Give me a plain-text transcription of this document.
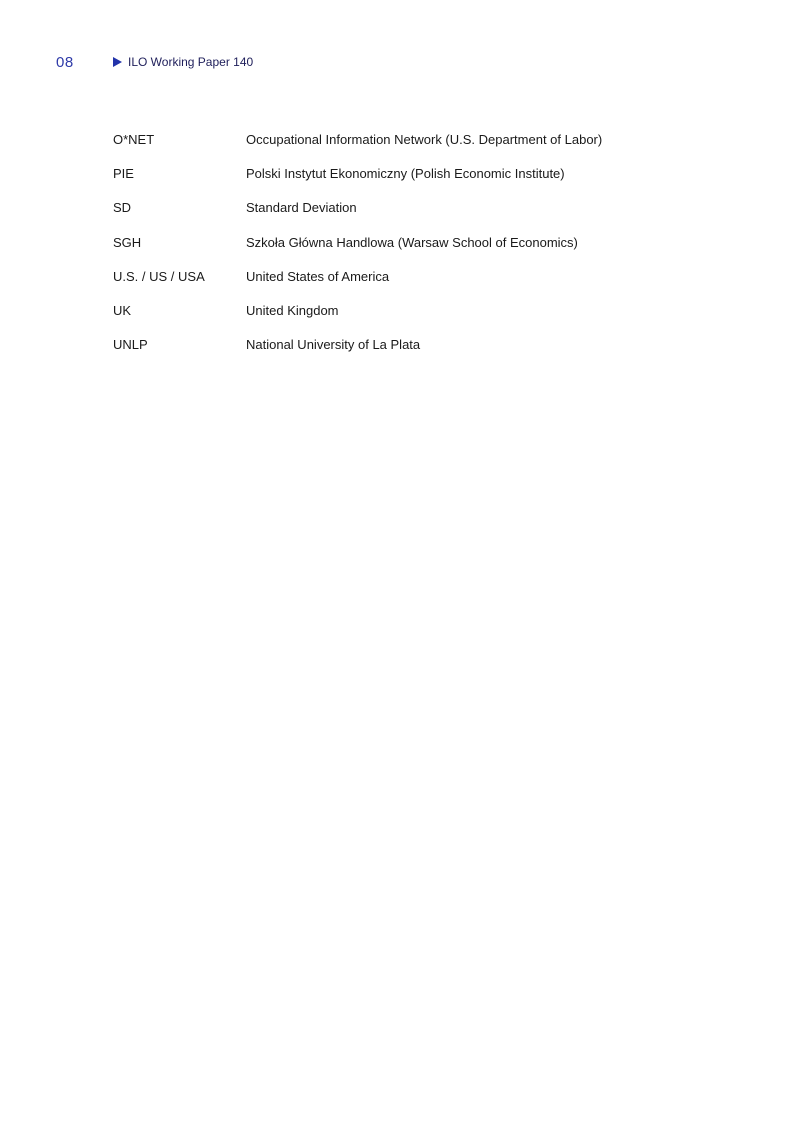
08	ILO Working Paper 140
O*NET	Occupational Information Network (U.S. Department of Labor)
PIE	Polski Instytut Ekonomiczny (Polish Economic Institute)
SD	Standard Deviation
SGH	Szkoła Główna Handlowa (Warsaw School of Economics)
U.S. / US / USA	United States of America
UK	United Kingdom
UNLP	National University of La Plata
